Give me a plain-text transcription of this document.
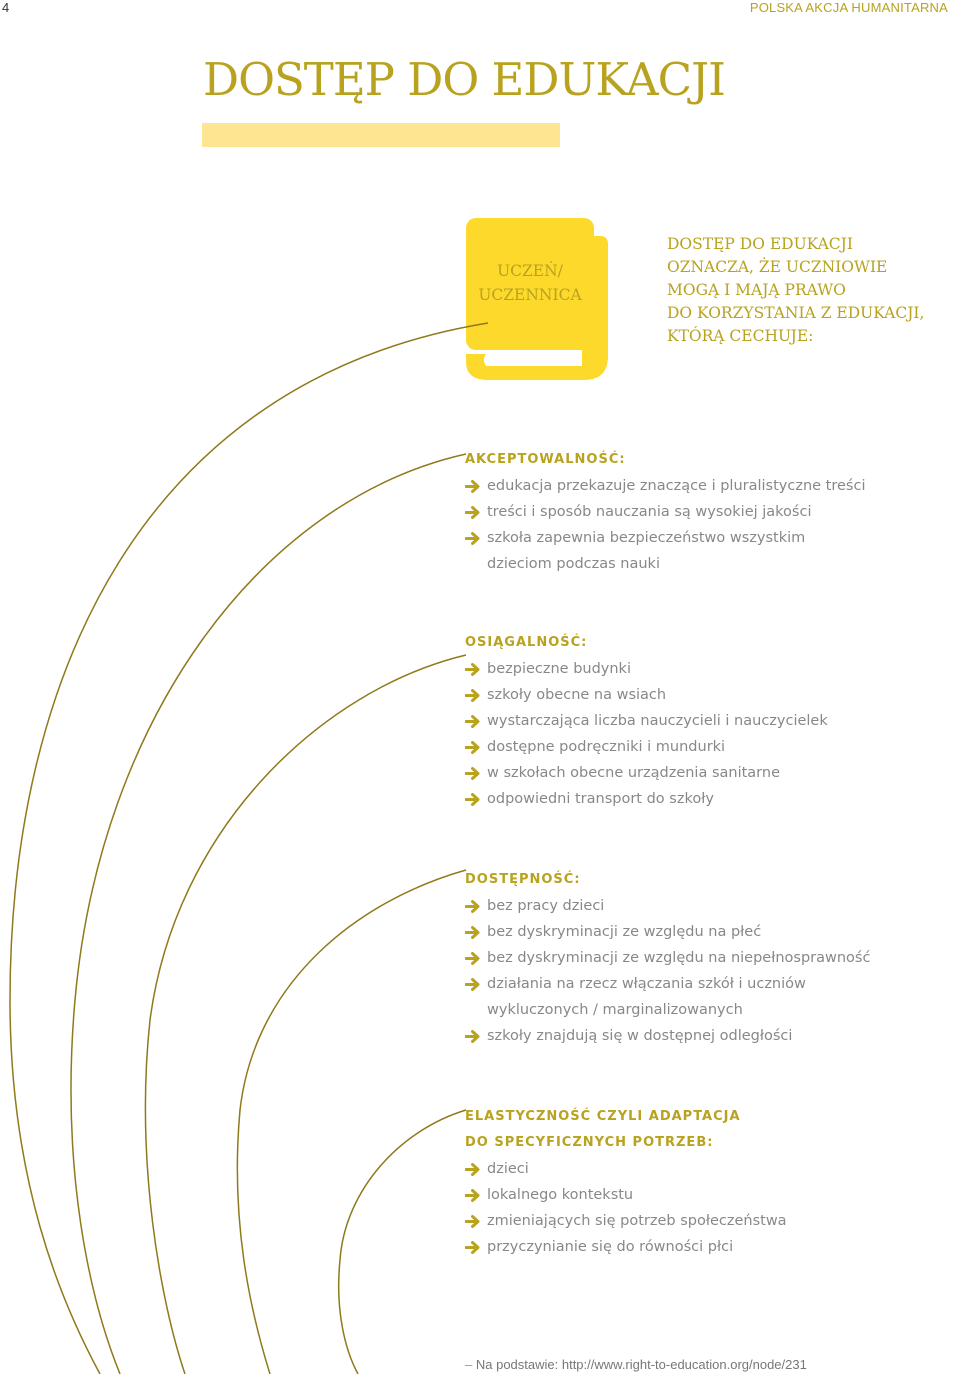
4	POLSKA AKCJA HUMANITARNA
DOSTĘP DO EDUKACJI
UCZEŃ/
UCZENNICA
DOSTĘP DO EDUKACJI
OZNACZA, ŻE UCZNIOWIE
MOGĄ I MAJĄ PRAWO
DO KORZYSTANIA Z EDUKACJI,
KTÓRĄ CECHUJE:
AKCEPTOWALNOŚĆ:
edukacja przekazuje znaczące i pluralistyczne treści
treści i sposób nauczania są wysokiej jakości
szkoła zapewnia bezpieczeństwo wszystkim
dzieciom podczas nauki
OSIĄGALNOŚĆ:
bezpieczne budynki
szkoły obecne na wsiach
wystarczająca liczba nauczycieli i nauczycielek
dostępne podręczniki i mundurki
w szkołach obecne urządzenia sanitarne
odpowiedni transport do szkoły
DOSTĘPNOŚĆ:
bez pracy dzieci
bez dyskryminacji ze względu na płeć
bez dyskryminacji ze względu na niepełnosprawność
działania na rzecz włączania szkół i uczniów
wykluczonych / marginalizowanych
szkoły znajdują się w dostępnej odległości
ELASTYCZNOŚĆ CZYLI ADAPTACJA
DO SPECYFICZNYCH POTRZEB:
dzieci
lokalnego kontekstu
zmieniających się potrzeb społeczeństwa
przyczynianie się do równości płci
– Na podstawie: http://www.right-to-education.org/node/231
